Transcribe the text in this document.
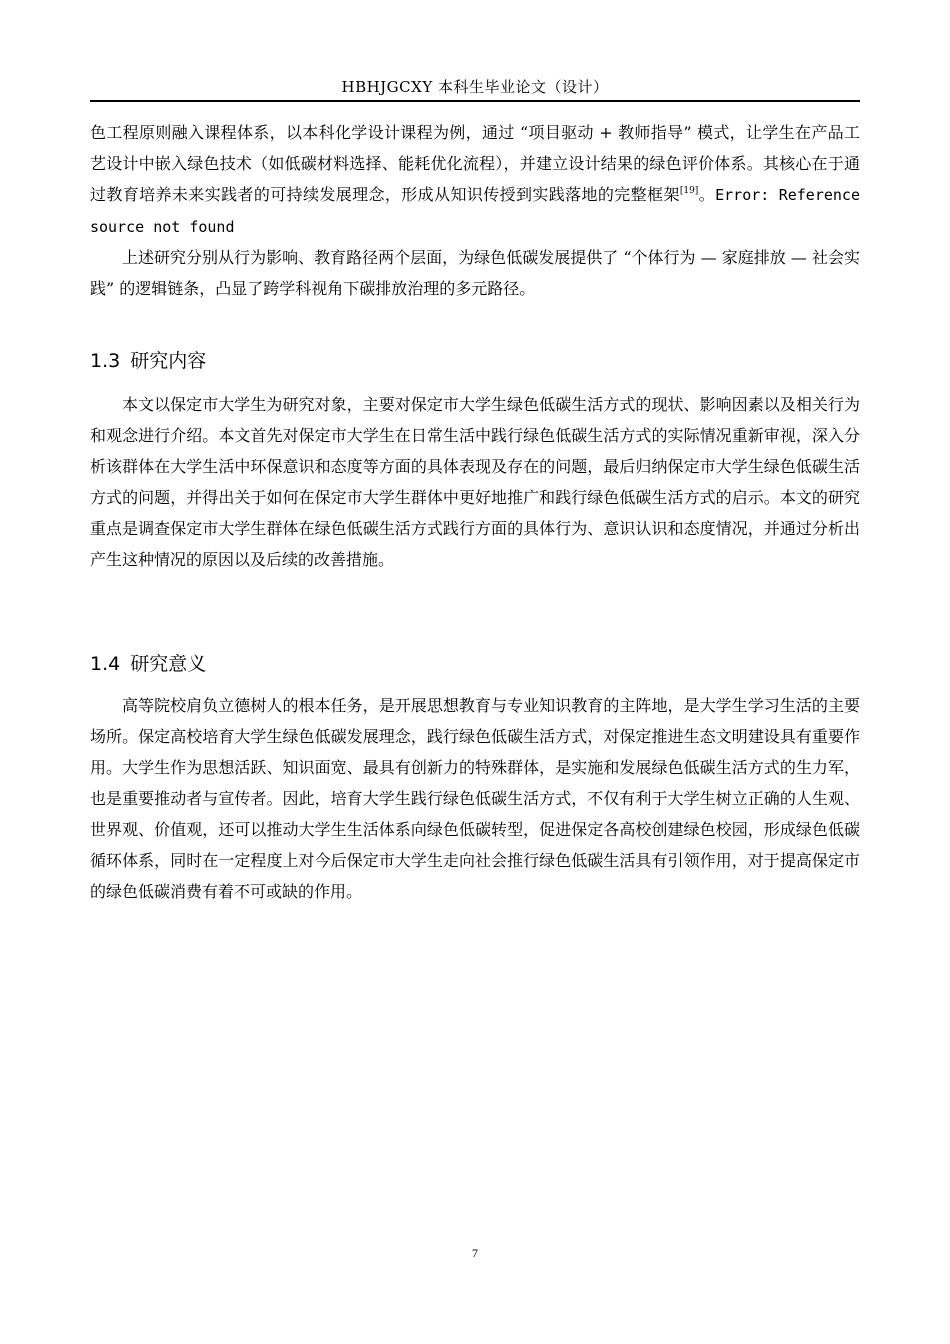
HBHJGCXY 本科生毕业论文（设计）

色工程原则融入课程体系，以本科化学设计课程为例，通过 “项目驱动 + 教师指导” 模式，让学生在产品工艺设计中嵌入绿色技术（如低碳材料选择、能耗优化流程），并建立设计结果的绿色评价体系。其核心在于通过教育培养未来实践者的可持续发展理念，形成从知识传授到实践落地的完整框架[19]。Error: Reference source not found

上述研究分别从行为影响、教育路径两个层面，为绿色低碳发展提供了 “个体行为 — 家庭排放 — 社会实践” 的逻辑链条，凸显了跨学科视角下碳排放治理的多元路径。

1.3 研究内容

本文以保定市大学生为研究对象，主要对保定市大学生绿色低碳生活方式的现状、影响因素以及相关行为和观念进行介绍。本文首先对保定市大学生在日常生活中践行绿色低碳生活方式的实际情况重新审视，深入分析该群体在大学生活中环保意识和态度等方面的具体表现及存在的问题，最后归纳保定市大学生绿色低碳生活方式的问题，并得出关于如何在保定市大学生群体中更好地推广和践行绿色低碳生活方式的启示。本文的研究重点是调查保定市大学生群体在绿色低碳生活方式践行方面的具体行为、意识认识和态度情况，并通过分析出产生这种情况的原因以及后续的改善措施。

1.4 研究意义

高等院校肩负立德树人的根本任务，是开展思想教育与专业知识教育的主阵地，是大学生学习生活的主要场所。保定高校培育大学生绿色低碳发展理念，践行绿色低碳生活方式，对保定推进生态文明建设具有重要作用。大学生作为思想活跃、知识面宽、最具有创新力的特殊群体，是实施和发展绿色低碳生活方式的生力军，也是重要推动者与宣传者。因此，培育大学生践行绿色低碳生活方式，不仅有利于大学生树立正确的人生观、世界观、价值观，还可以推动大学生生活体系向绿色低碳转型，促进保定各高校创建绿色校园，形成绿色低碳循环体系，同时在一定程度上对今后保定市大学生走向社会推行绿色低碳生活具有引领作用，对于提高保定市的绿色低碳消费有着不可或缺的作用。

7
